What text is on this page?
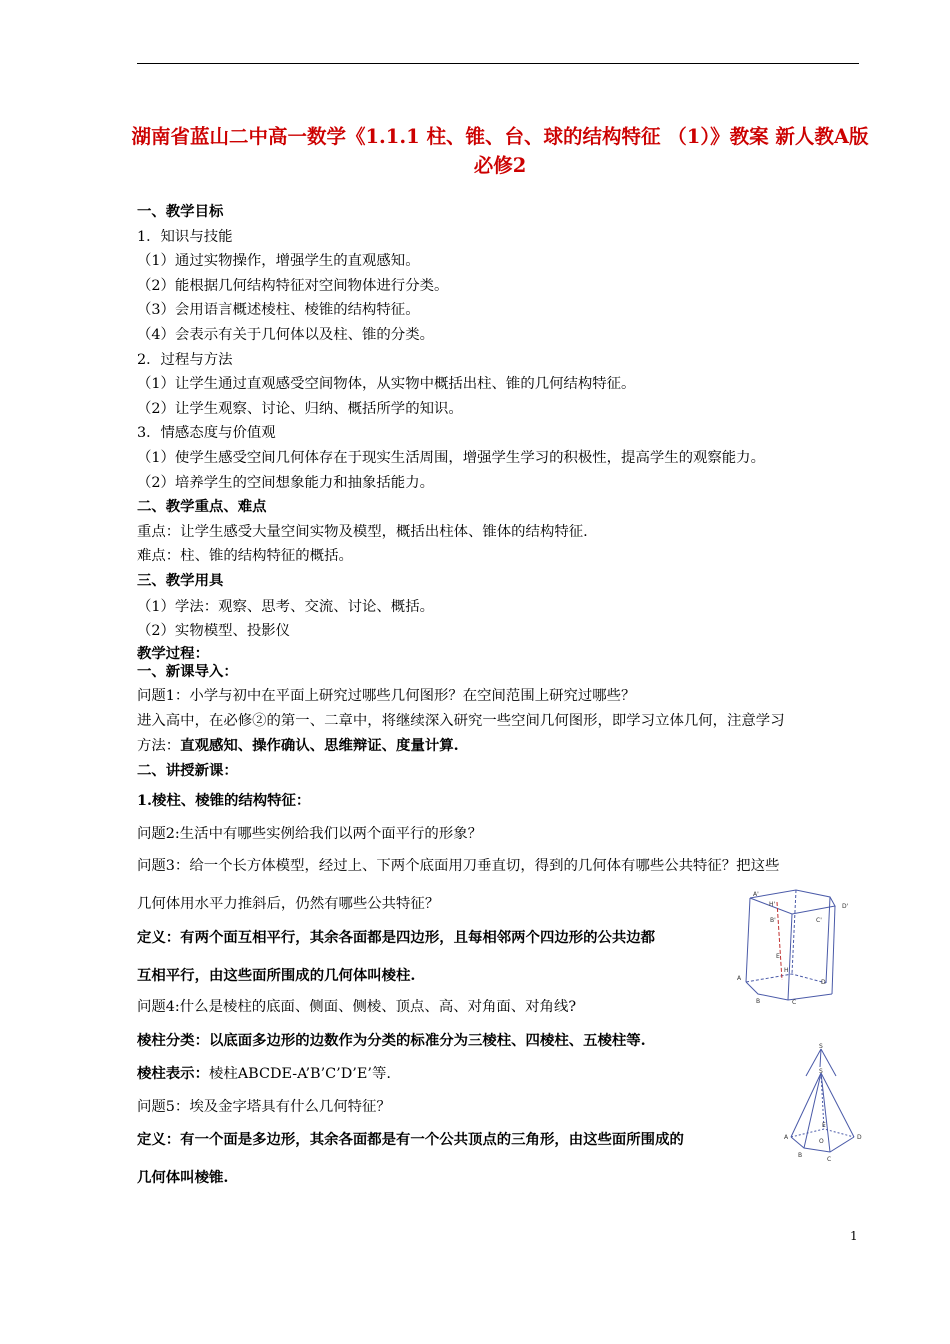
湖南省蓝山二中高一数学《1.1.1 柱、锥、台、球的结构特征 （1）》教案 新人教A版必修2
一、教学目标
1．知识与技能
（1）通过实物操作，增强学生的直观感知。
（2）能根据几何结构特征对空间物体进行分类。
（3）会用语言概述棱柱、棱锥的结构特征。
（4）会表示有关于几何体以及柱、锥的分类。
2．过程与方法
（1）让学生通过直观感受空间物体，从实物中概括出柱、锥的几何结构特征。
（2）让学生观察、讨论、归纳、概括所学的知识。
3．情感态度与价值观
（1）使学生感受空间几何体存在于现实生活周围，增强学生学习的积极性，提高学生的观察能力。
（2）培养学生的空间想象能力和抽象括能力。
二、教学重点、难点
重点：让学生感受大量空间实物及模型，概括出柱体、锥体的结构特征.
难点：柱、锥的结构特征的概括。
三、教学用具
（1）学法：观察、思考、交流、讨论、概括。
（2）实物模型、投影仪
教学过程：
一、新课导入：
问题1：小学与初中在平面上研究过哪些几何图形？在空间范围上研究过哪些？
进入高中，在必修②的第一、二章中，将继续深入研究一些空间几何图形，即学习立体几何，注意学习
方法：直观感知、操作确认、思维辩证、度量计算.
二、讲授新课：
1.棱柱、棱锥的结构特征：
问题2:生活中有哪些实例给我们以两个面平行的形象？
问题3：给一个长方体模型，经过上、下两个底面用刀垂直切，得到的几何体有哪些公共特征？把这些
几何体用水平力推斜后，仍然有哪些公共特征？
定义：有两个面互相平行，其余各面都是四边形，且每相邻两个四边形的公共边都
互相平行，由这些面所围成的几何体叫棱柱.
问题4:什么是棱柱的底面、侧面、侧棱、顶点、高、对角面、对角线?
棱柱分类：以底面多边形的边数作为分类的标准分为三棱柱、四棱柱、五棱柱等.
棱柱表示：棱柱ABCDE-A’B’C’D’E’等.
问题5：埃及金字塔具有什么几何特征？
定义：有一个面是多边形，其余各面都是有一个公共顶点的三角形，由这些面所围成的
几何体叫棱锥.
A'
H'
B'	C'
D'
A
B	C
D
E
H
S
S
A
B
C
D
E
O
1
